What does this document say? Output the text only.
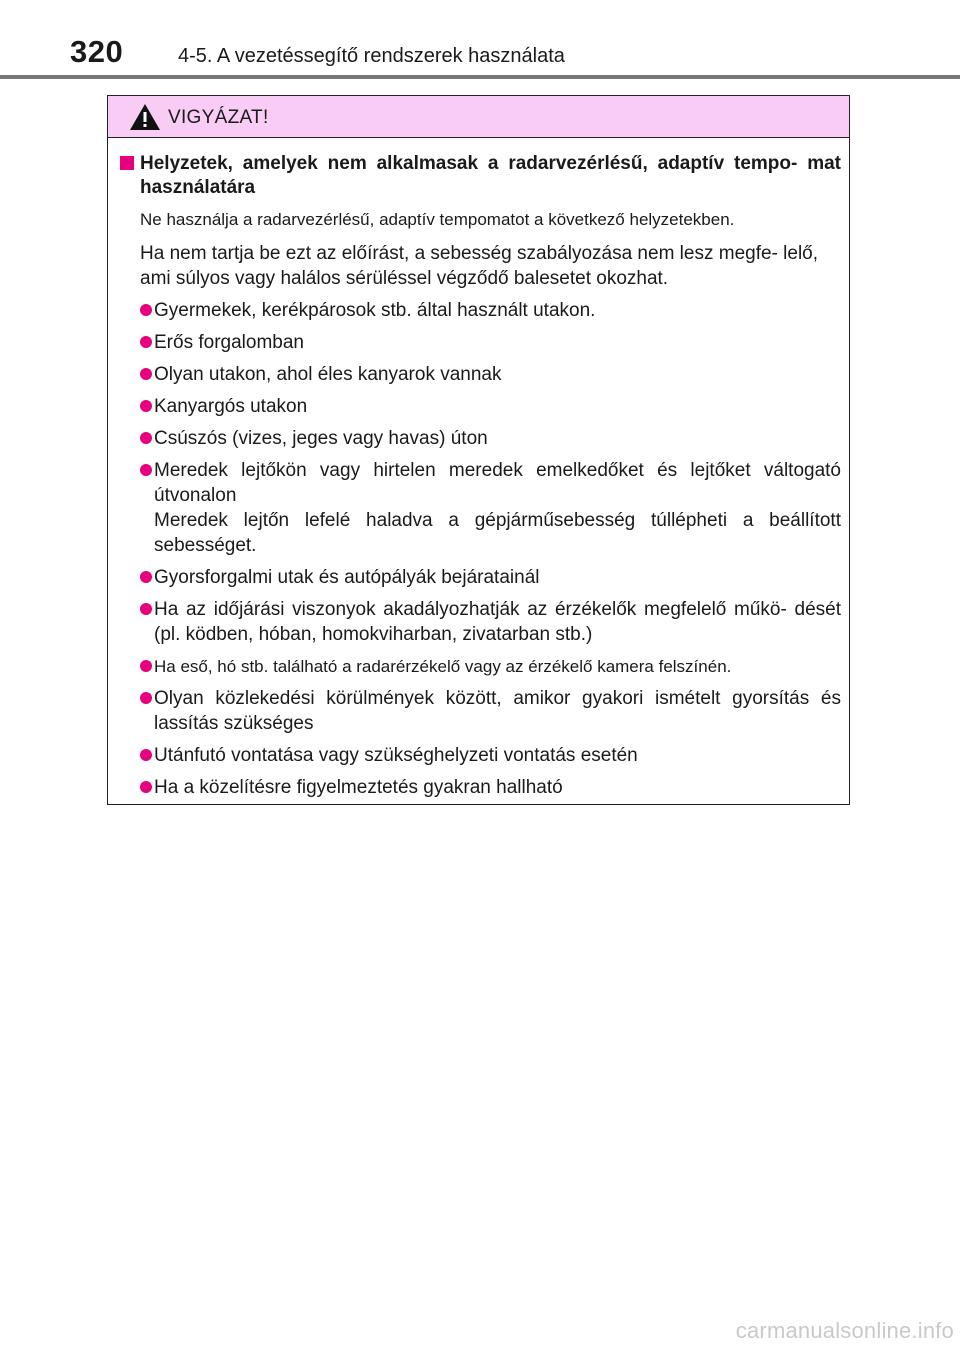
320	4-5. A vezetéssegítő rendszerek használata
VIGYÁZAT!
Helyzetek, amelyek nem alkalmasak a radarvezérlésű, adaptív tempo- mat használatára
Ne használja a radarvezérlésű, adaptív tempomatot a következő helyzetekben.
Ha nem tartja be ezt az előírást, a sebesség szabályozása nem lesz megfe- lelő, ami súlyos vagy halálos sérüléssel végződő balesetet okozhat.
Gyermekek, kerékpárosok stb. által használt utakon.
Erős forgalomban
Olyan utakon, ahol éles kanyarok vannak
Kanyargós utakon
Csúszós (vizes, jeges vagy havas) úton
Meredek lejtőkön vagy hirtelen meredek emelkedőket és lejtőket váltogató útvonalon
Meredek lejtőn lefelé haladva a gépjárműsebesség túllépheti a beállított sebességet.
Gyorsforgalmi utak és autópályák bejáratainál
Ha az időjárási viszonyok akadályozhatják az érzékelők megfelelő műkö- dését (pl. ködben, hóban, homokviharban, zivatarban stb.)
Ha eső, hó stb. található a radarérzékelő vagy az érzékelő kamera felszínén.
Olyan közlekedési körülmények között, amikor gyakori ismételt gyorsítás és lassítás szükséges
Utánfutó vontatása vagy szükséghelyzeti vontatás esetén
Ha a közelítésre figyelmeztetés gyakran hallható
carmanualsonline.info
